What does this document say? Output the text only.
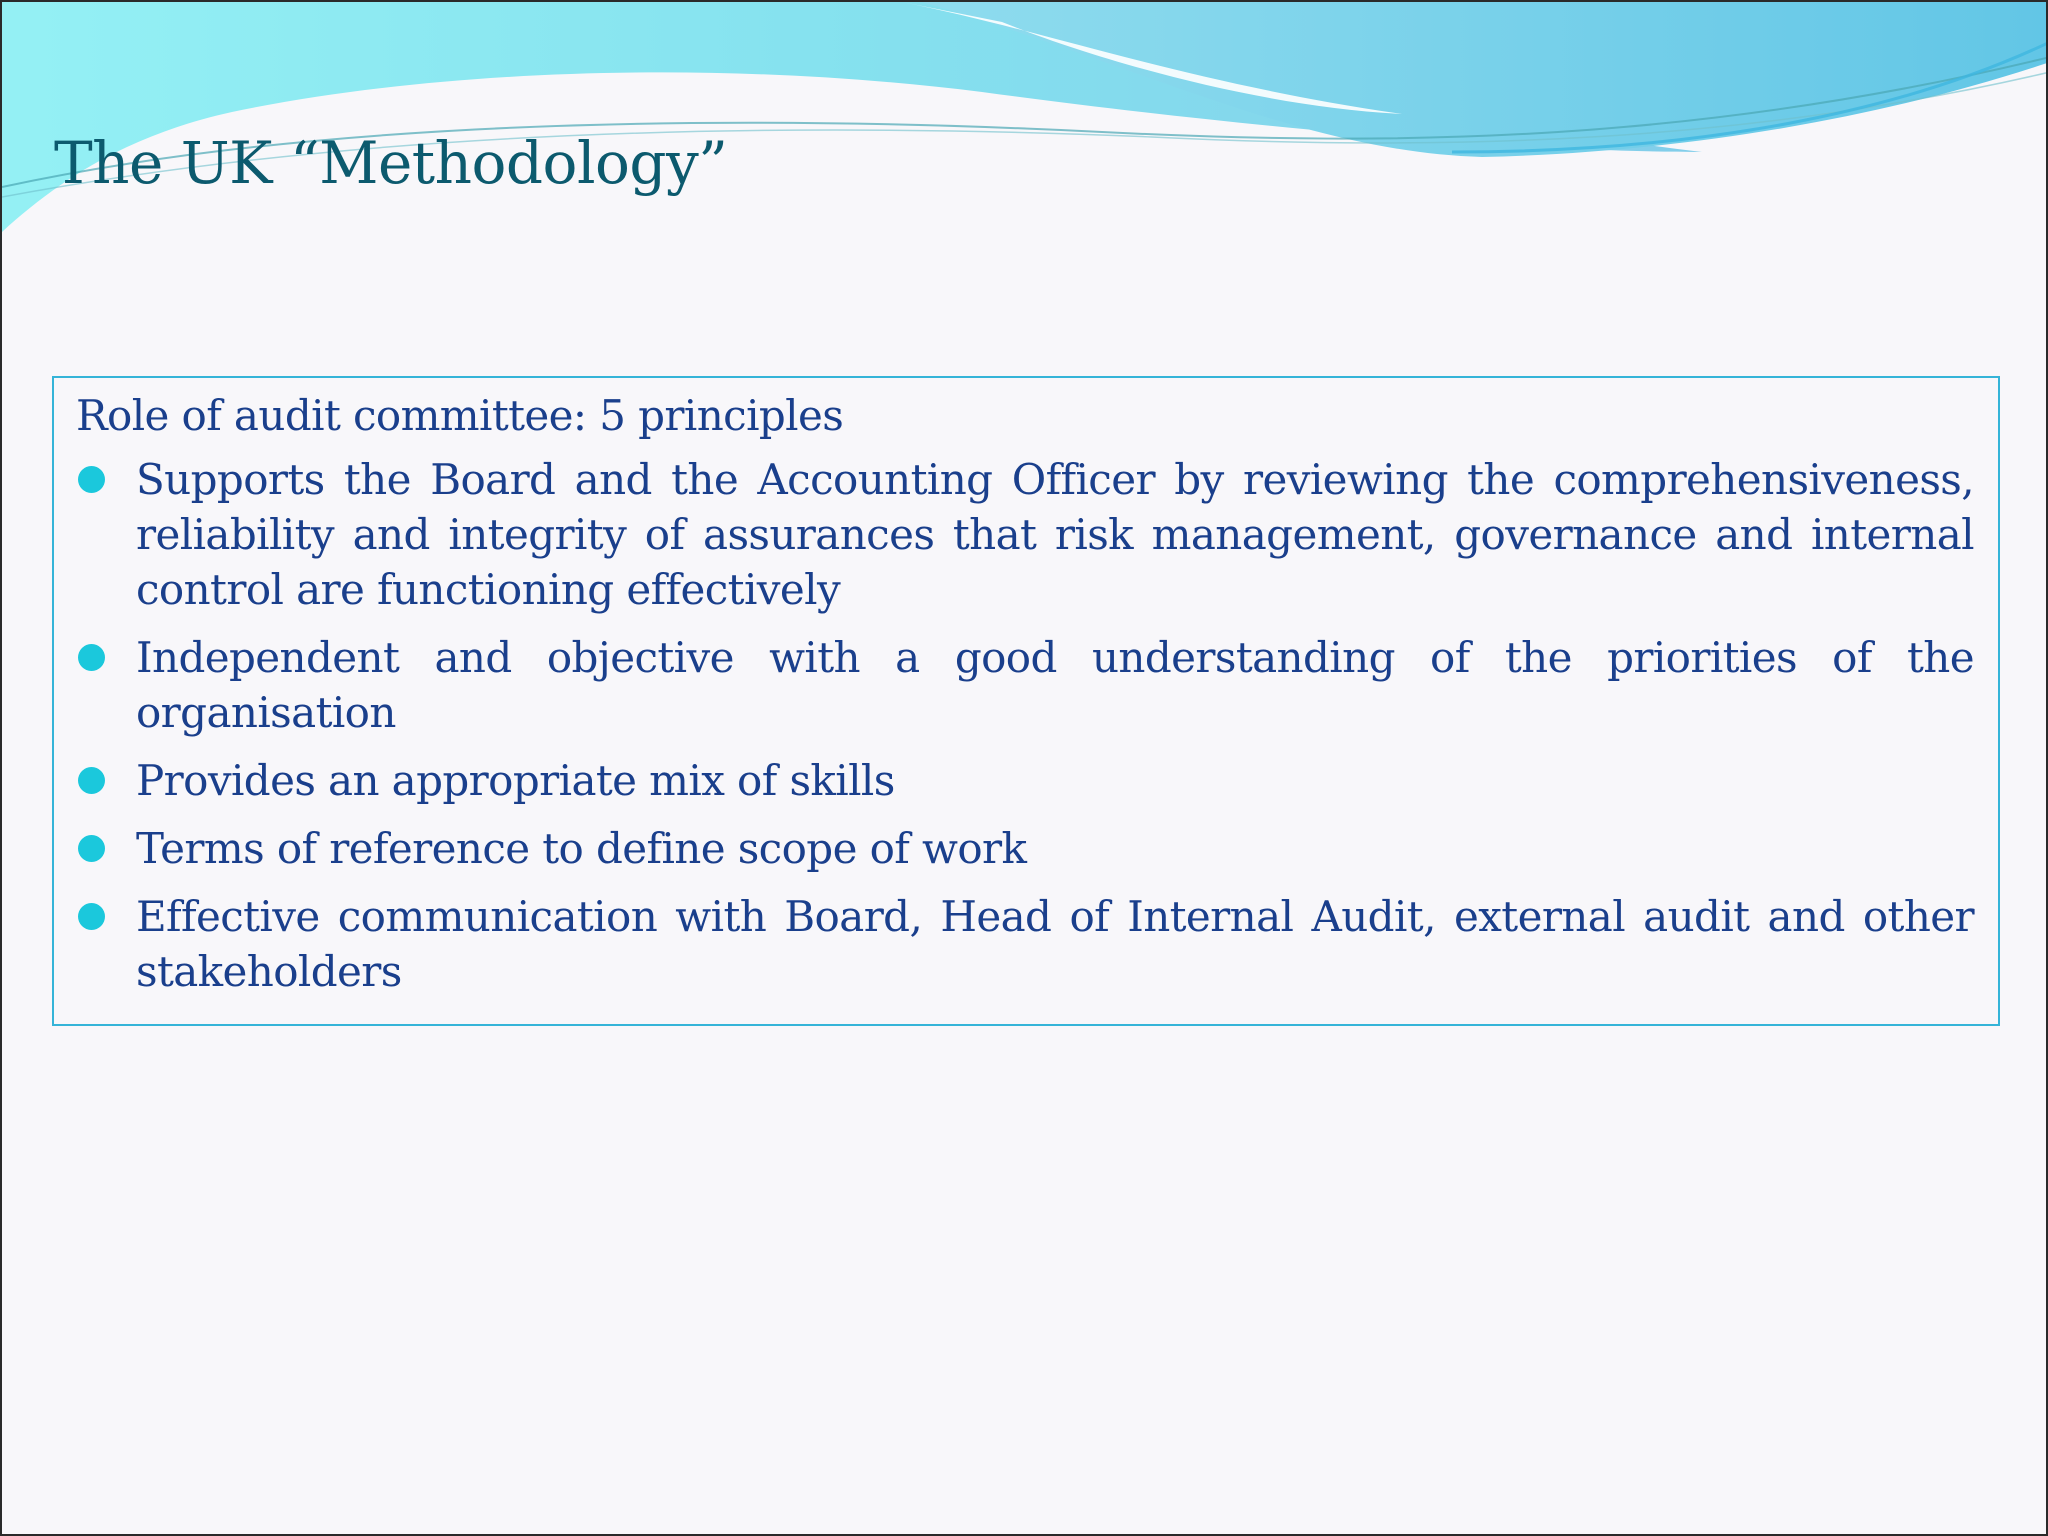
The UK “Methodology”

Role of audit committee: 5 principles

Supports the Board and the Accounting Officer by reviewing the comprehensiveness, reliability and integrity of assurances that risk management, governance and internal control are functioning effectively
Independent and objective with a good understanding of the priorities of the organisation
Provides an appropriate mix of skills
Terms of reference to define scope of work
Effective communication with Board, Head of Internal Audit, external audit and other stakeholders
